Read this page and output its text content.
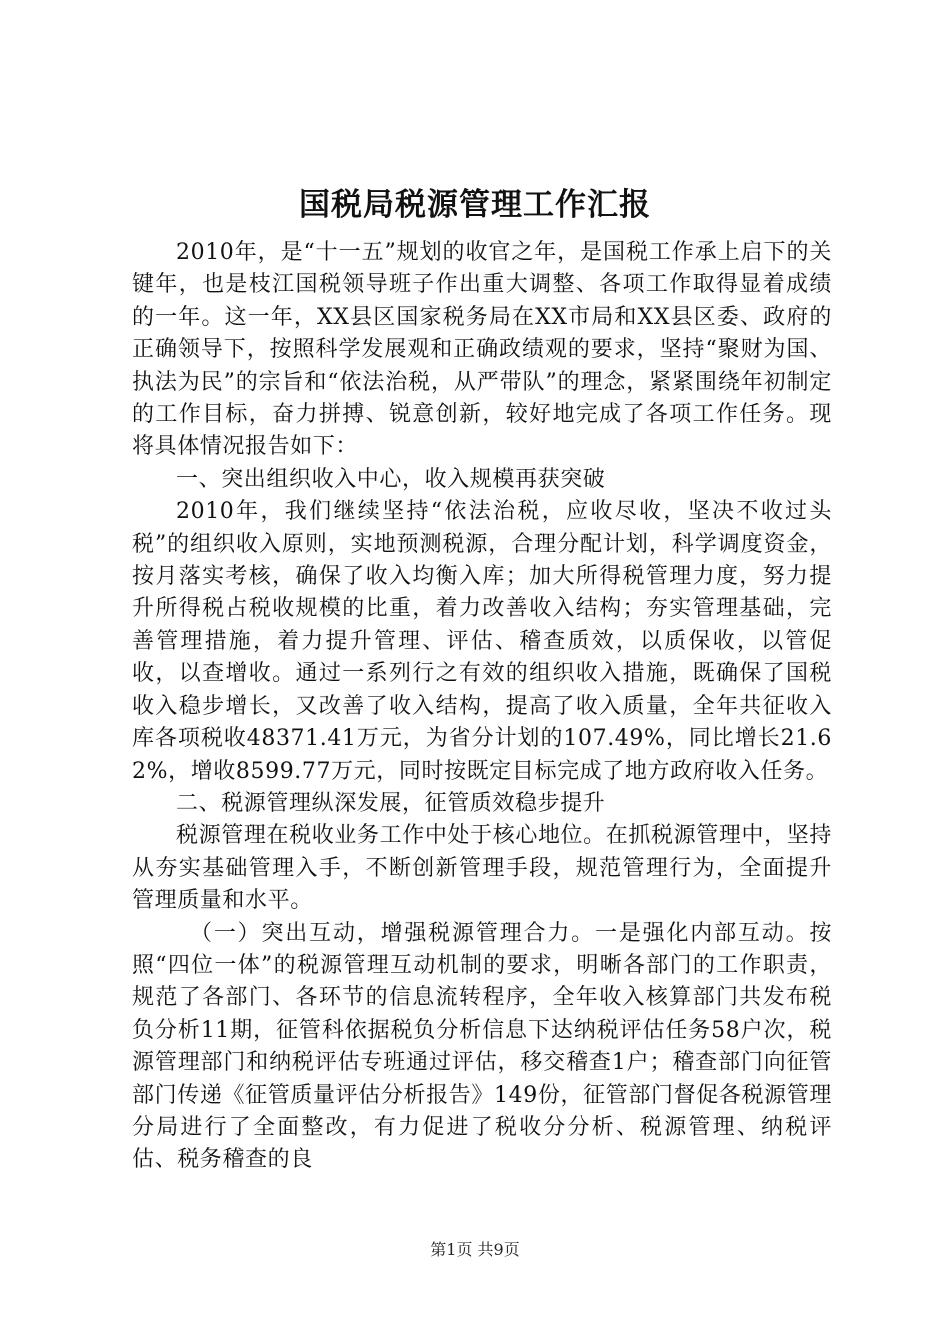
国税局税源管理工作汇报

2010年，是“十一五”规划的收官之年，是国税工作承上启下的关键年，也是枝江国税领导班子作出重大调整、各项工作取得显着成绩的一年。这一年，XX县区国家税务局在XX市局和XX县区委、政府的正确领导下，按照科学发展观和正确政绩观的要求，坚持“聚财为国、执法为民”的宗旨和“依法治税，从严带队”的理念，紧紧围绕年初制定的工作目标，奋力拼搏、锐意创新，较好地完成了各项工作任务。现将具体情况报告如下：

一、突出组织收入中心，收入规模再获突破

2010年，我们继续坚持“依法治税，应收尽收，坚决不收过头税”的组织收入原则，实地预测税源，合理分配计划，科学调度资金，按月落实考核，确保了收入均衡入库；加大所得税管理力度，努力提升所得税占税收规模的比重，着力改善收入结构；夯实管理基础，完善管理措施，着力提升管理、评估、稽查质效，以质保收，以管促收，以查增收。通过一系列行之有效的组织收入措施，既确保了国税收入稳步增长，又改善了收入结构，提高了收入质量，全年共征收入库各项税收48371.41万元，为省分计划的107.49%，同比增长21.62%，增收8599.77万元，同时按既定目标完成了地方政府收入任务。

二、税源管理纵深发展，征管质效稳步提升

税源管理在税收业务工作中处于核心地位。在抓税源管理中，坚持从夯实基础管理入手，不断创新管理手段，规范管理行为，全面提升管理质量和水平。

（一）突出互动，增强税源管理合力。一是强化内部互动。按照“四位一体”的税源管理互动机制的要求，明晰各部门的工作职责，规范了各部门、各环节的信息流转程序，全年收入核算部门共发布税负分析11期，征管科依据税负分析信息下达纳税评估任务58户次，税源管理部门和纳税评估专班通过评估，移交稽查1户；稽查部门向征管部门传递《征管质量评估分析报告》149份，征管部门督促各税源管理分局进行了全面整改，有力促进了税收分分析、税源管理、纳税评估、税务稽查的良

第1页 共9页
